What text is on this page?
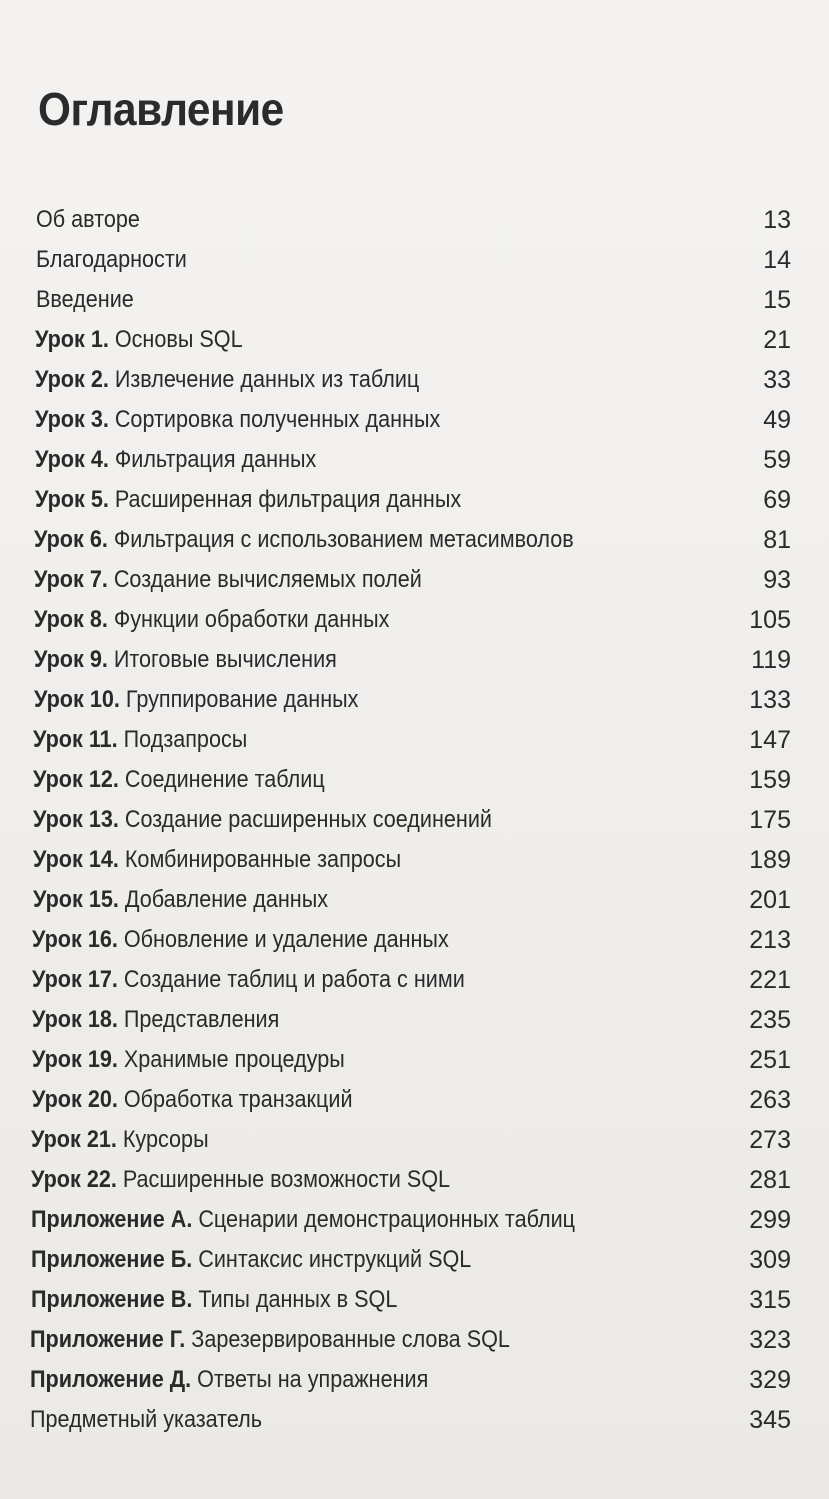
Оглавление
Об авторе	13
Благодарности	14
Введение	15
Урок 1. Основы SQL	21
Урок 2. Извлечение данных из таблиц	33
Урок 3. Сортировка полученных данных	49
Урок 4. Фильтрация данных	59
Урок 5. Расширенная фильтрация данных	69
Урок 6. Фильтрация с использованием метасимволов	81
Урок 7. Создание вычисляемых полей	93
Урок 8. Функции обработки данных	105
Урок 9. Итоговые вычисления	119
Урок 10. Группирование данных	133
Урок 11. Подзапросы	147
Урок 12. Соединение таблиц	159
Урок 13. Создание расширенных соединений	175
Урок 14. Комбинированные запросы	189
Урок 15. Добавление данных	201
Урок 16. Обновление и удаление данных	213
Урок 17. Создание таблиц и работа с ними	221
Урок 18. Представления	235
Урок 19. Хранимые процедуры	251
Урок 20. Обработка транзакций	263
Урок 21. Курсоры	273
Урок 22. Расширенные возможности SQL	281
Приложение А. Сценарии демонстрационных таблиц	299
Приложение Б. Синтаксис инструкций SQL	309
Приложение В. Типы данных в SQL	315
Приложение Г. Зарезервированные слова SQL	323
Приложение Д. Ответы на упражнения	329
Предметный указатель	345
